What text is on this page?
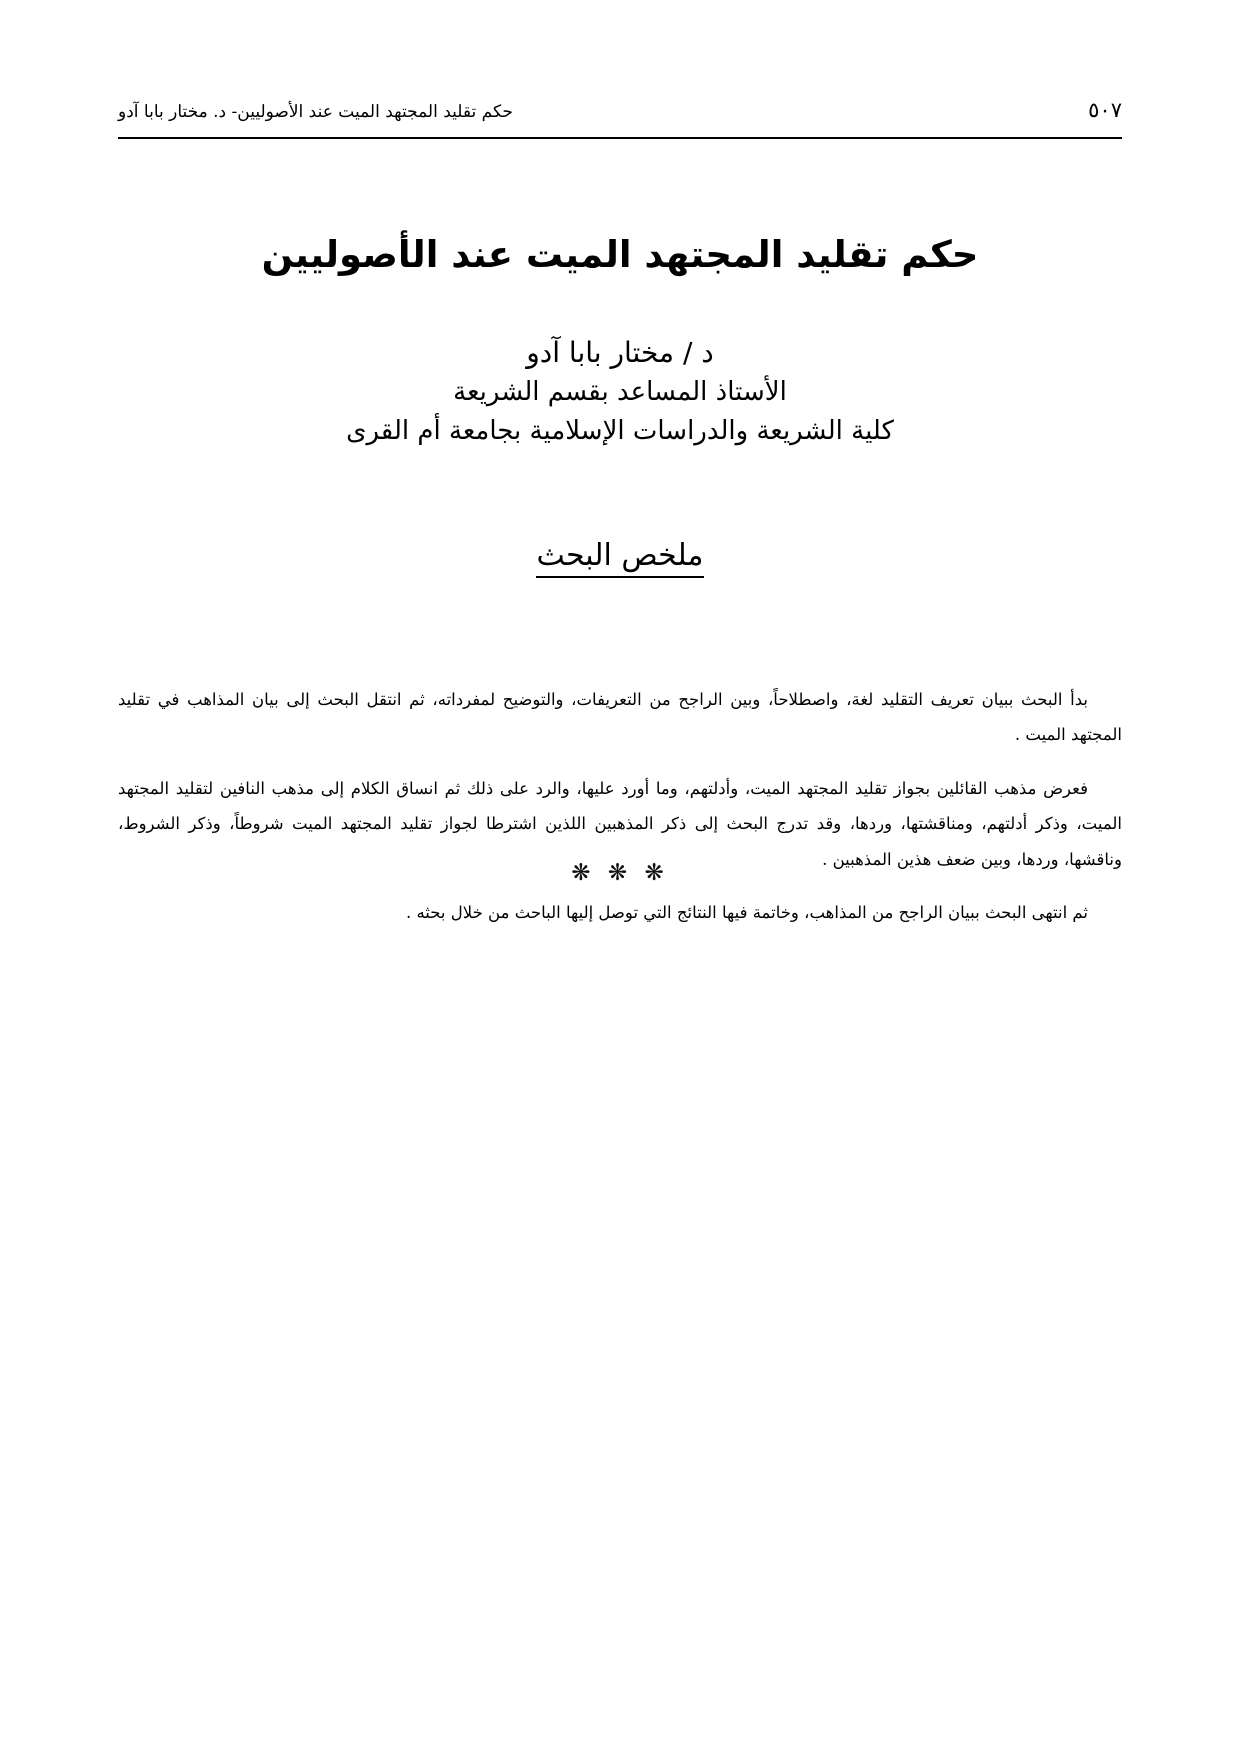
حكم تقليد المجتهد الميت عند الأصوليين- د. مختار بابا آدو	٥٠٧
حكم تقليد المجتهد الميت عند الأصوليين
د / مختار بابا آدو
الأستاذ المساعد بقسم الشريعة
كلية الشريعة والدراسات الإسلامية بجامعة أم القرى
ملخص البحث

بدأ البحث ببيان تعريف التقليد لغة، واصطلاحاً، وبين الراجح من التعريفات، والتوضيح لمفرداته، ثم انتقل البحث إلى بيان المذاهب في تقليد المجتهد الميت .

فعرض مذهب القائلين بجواز تقليد المجتهد الميت، وأدلتهم، وما أورد عليها، والرد على ذلك ثم انساق الكلام إلى مذهب النافين لتقليد المجتهد الميت، وذكر أدلتهم، ومناقشتها، وردها، وقد تدرج البحث إلى ذكر المذهبين اللذين اشترطا لجواز تقليد المجتهد الميت شروطاً، وذكر الشروط، وناقشها، وردها، وبين ضعف هذين المذهبين .

ثم انتهى البحث ببيان الراجح من المذاهب، وخاتمة فيها النتائج التي توصل إليها الباحث من خلال بحثه .

❋ ❋ ❋
